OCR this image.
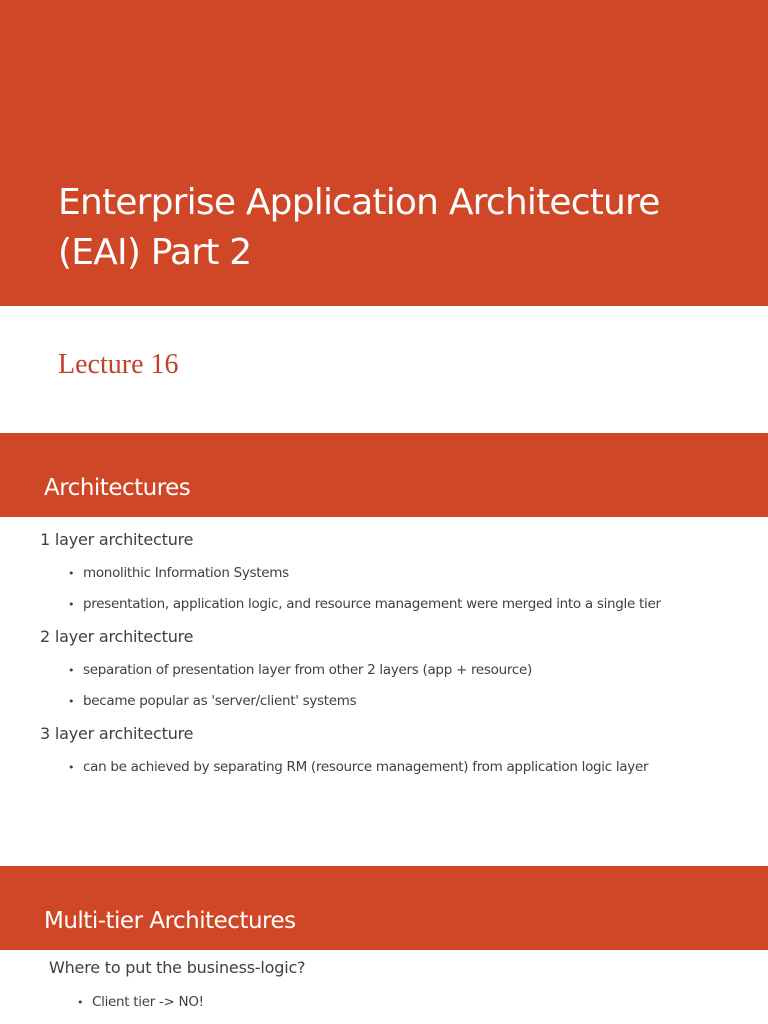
Enterprise Application Architecture (EAI) Part 2

Lecture 16

Architectures

1 layer architecture

• monolithic Information Systems

• presentation, application logic, and resource management were merged into a single tier

2 layer architecture

• separation of presentation layer from other 2 layers (app + resource)

• became popular as 'server/client' systems

3 layer architecture

• can be achieved by separating RM (resource management) from application logic layer

Multi-tier Architectures

Where to put the business-logic?

• Client tier -> NO!
